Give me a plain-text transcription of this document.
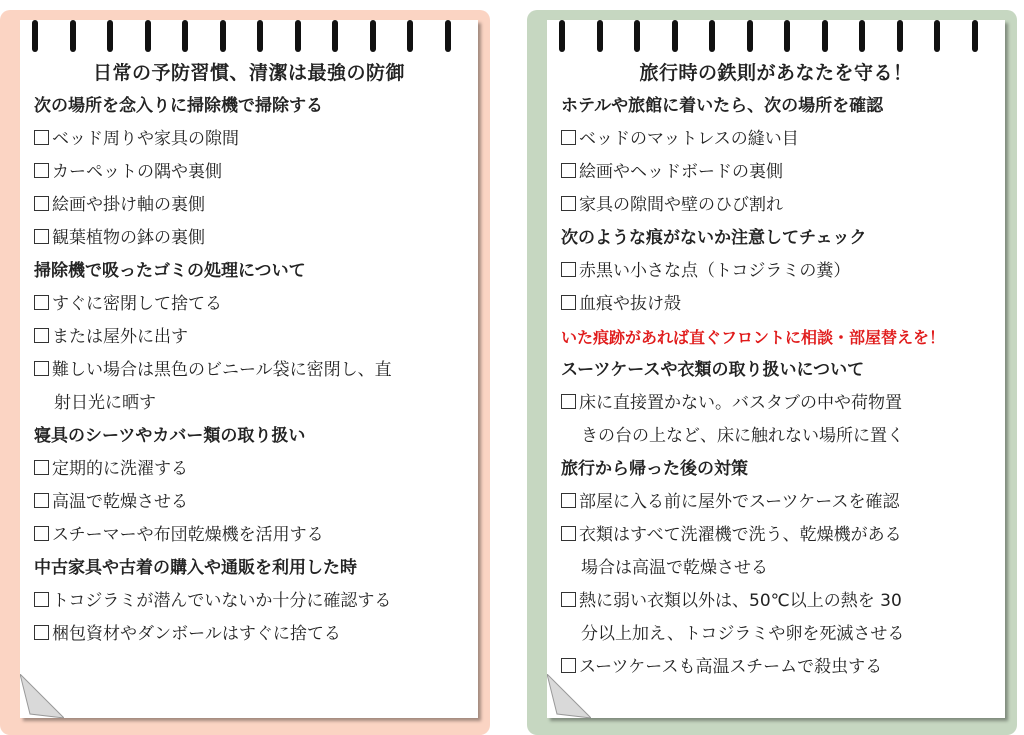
日常の予防習慣、清潔は最強の防御
次の場所を念入りに掃除機で掃除する
ベッド周りや家具の隙間
カーペットの隅や裏側
絵画や掛け軸の裏側
観葉植物の鉢の裏側
掃除機で吸ったゴミの処理について
すぐに密閉して捨てる
または屋外に出す
難しい場合は黒色のビニール袋に密閉し、直
射日光に晒す
寝具のシーツやカバー類の取り扱い
定期的に洗濯する
高温で乾燥させる
スチーマーや布団乾燥機を活用する
中古家具や古着の購入や通販を利用した時
トコジラミが潜んでいないか十分に確認する
梱包資材やダンボールはすぐに捨てる
旅行時の鉄則があなたを守る！
ホテルや旅館に着いたら、次の場所を確認
ベッドのマットレスの縫い目
絵画やヘッドボードの裏側
家具の隙間や壁のひび割れ
次のような痕がないか注意してチェック
赤黒い小さな点（トコジラミの糞）
血痕や抜け殻
いた痕跡があれば直ぐフロントに相談・部屋替えを！
スーツケースや衣類の取り扱いについて
床に直接置かない。バスタブの中や荷物置
きの台の上など、床に触れない場所に置く
旅行から帰った後の対策
部屋に入る前に屋外でスーツケースを確認
衣類はすべて洗濯機で洗う、乾燥機がある
場合は高温で乾燥させる
熱に弱い衣類以外は、50℃以上の熱を 30
分以上加え、トコジラミや卵を死滅させる
スーツケースも高温スチームで殺虫する
